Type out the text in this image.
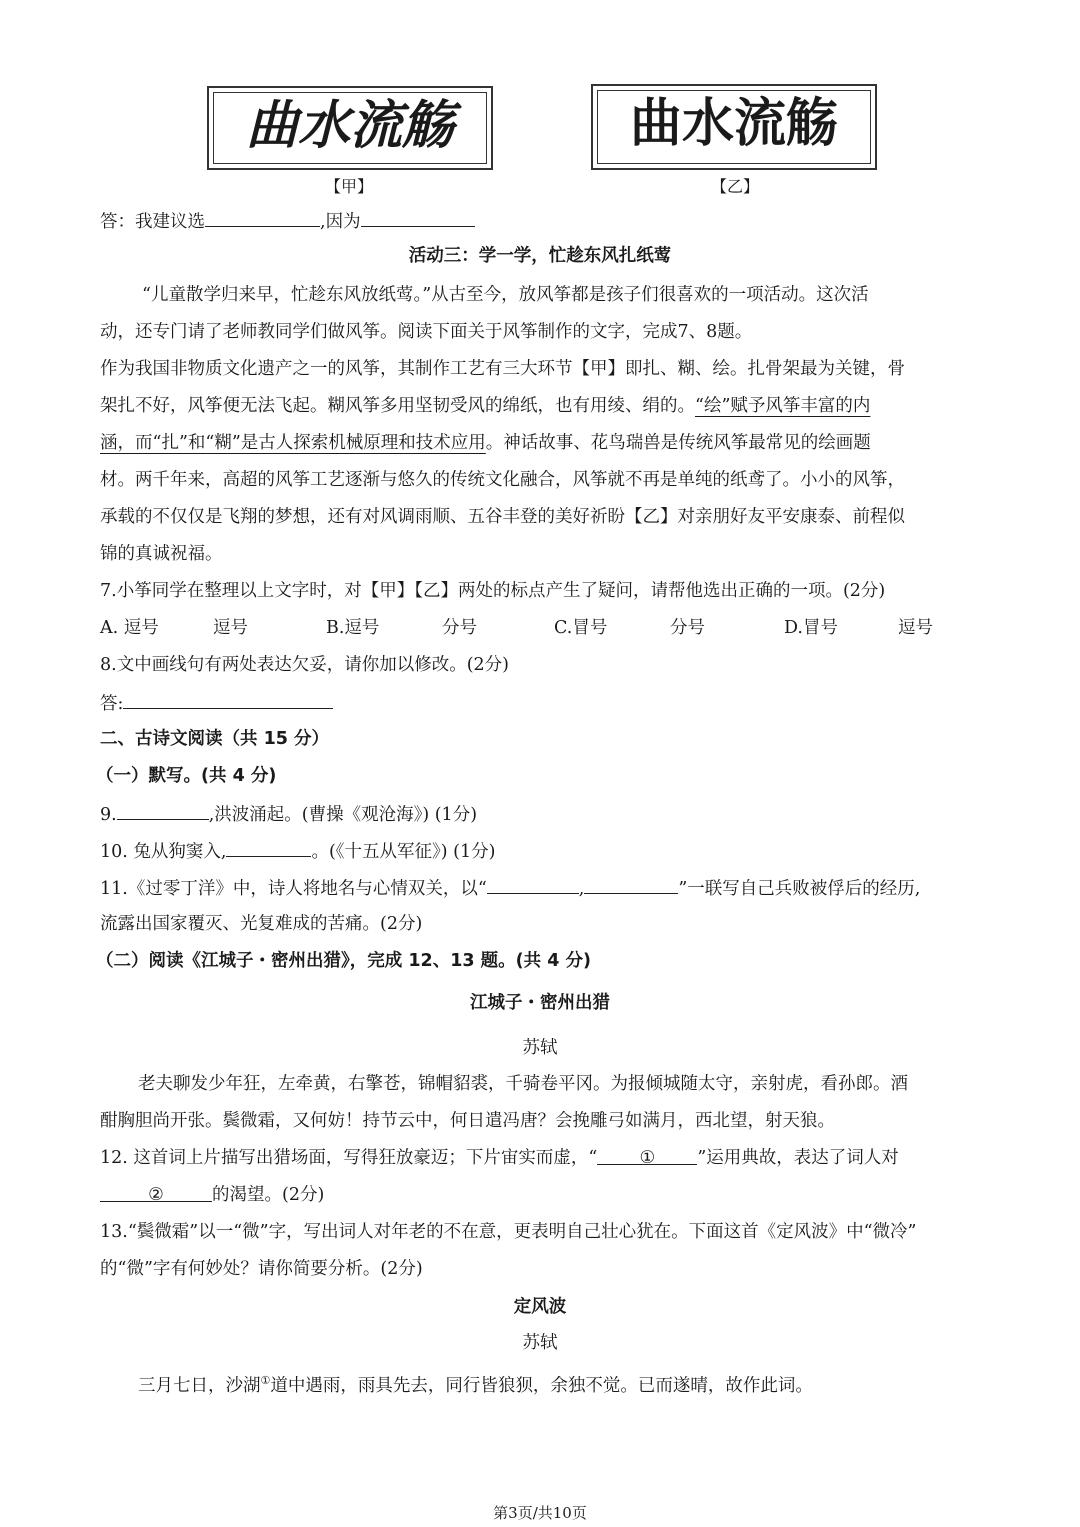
曲水流觞
【甲】
曲水流觞
【乙】
答：我建议选	,因为
活动三：学一学，忙趁东风扎纸莺
“儿童散学归来早，忙趁东风放纸莺。”从古至今，放风筝都是孩子们很喜欢的一项活动。这次活
动，还专门请了老师教同学们做风筝。阅读下面关于风筝制作的文字，完成7、8题。
作为我国非物质文化遗产之一的风筝，其制作工艺有三大环节【甲】即扎、糊、绘。扎骨架最为关键，骨
架扎不好，风筝便无法飞起。糊风筝多用坚韧受风的绵纸，也有用绫、绢的。“绘”赋予风筝丰富的内
涵，而“扎”和“糊”是古人探索机械原理和技术应用。神话故事、花鸟瑞兽是传统风筝最常见的绘画题
材。两千年来，高超的风筝工艺逐渐与悠久的传统文化融合，风筝就不再是单纯的纸鸢了。小小的风筝，
承载的不仅仅是飞翔的梦想，还有对风调雨顺、五谷丰登的美好祈盼【乙】对亲朋好友平安康泰、前程似
锦的真诚祝福。
7.小筝同学在整理以上文字时，对【甲】【乙】两处的标点产生了疑问，请帮他选出正确的一项。(2分)
A. 逗号	逗号	B.逗号	分号	C.冒号	分号	D.冒号	逗号
8.文中画线句有两处表达欠妥，请你加以修改。(2分)
答:
二、古诗文阅读（共 15 分）
（一）默写。(共 4 分)
9.	,洪波涌起。(曹操《观沧海》) (1分)
10. 兔从狗窦入,	。(《十五从军征》) (1分)
11.《过零丁洋》中，诗人将地名与心情双关，以“	,	”一联写自己兵败被俘后的经历,
流露出国家覆灭、光复难成的苦痛。(2分)
（二）阅读《江城子・密州出猎》，完成 12、13 题。(共 4 分)
江城子・密州出猎
苏轼
老夫聊发少年狂，左牵黄，右擎苍，锦帽貂裘，千骑卷平冈。为报倾城随太守，亲射虎，看孙郎。酒
酣胸胆尚开张。鬓微霜，又何妨！持节云中，何日遣冯唐？会挽雕弓如满月，西北望，射天狼。
12. 这首词上片描写出猎场面，写得狂放豪迈；下片宙实而虚，“ ① ”运用典故，表达了词人对
②	的渴望。(2分)
13.“鬓微霜”以一“微”字，写出词人对年老的不在意，更表明自己壮心犹在。下面这首《定风波》中“微冷”
的“微”字有何妙处？请你简要分析。(2分)
定风波
苏轼
三月七日，沙湖①道中遇雨，雨具先去，同行皆狼狈，余独不觉。已而遂晴，故作此词。
第3页/共10页
